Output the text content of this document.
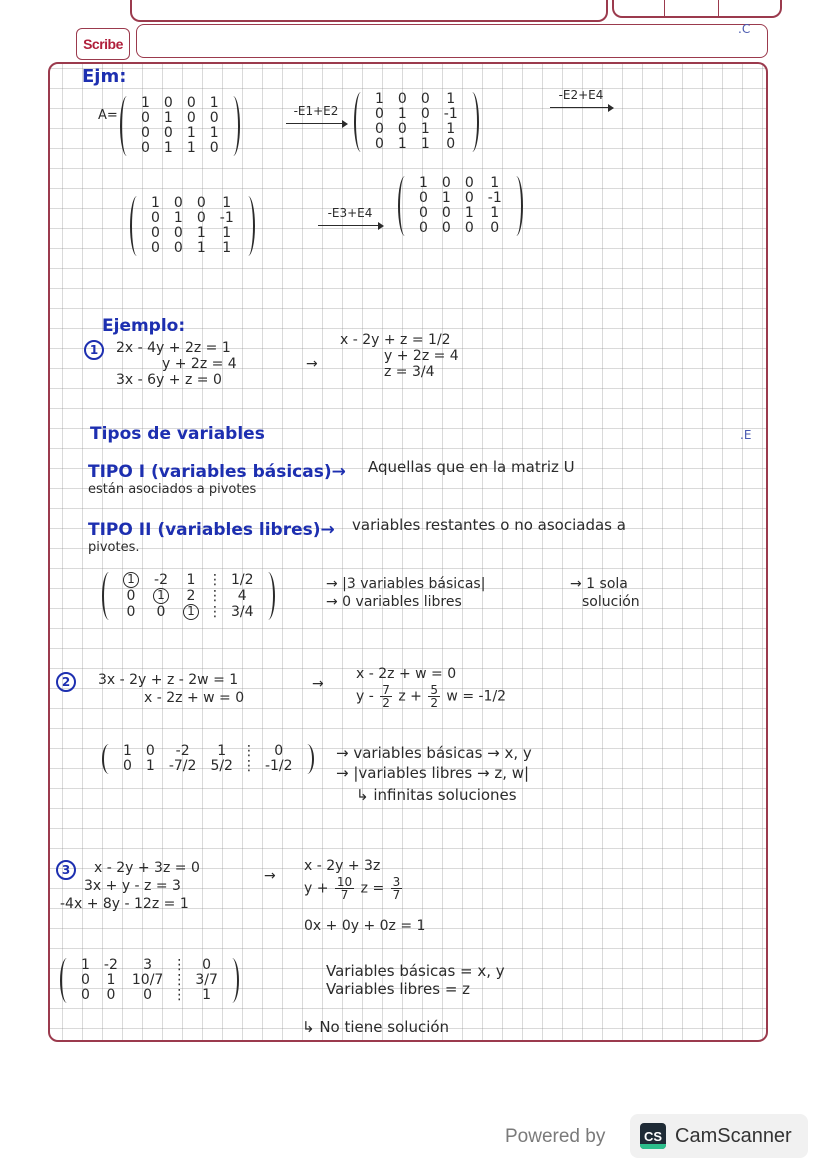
Scribe
.C
Ejm:
A=
1	0	0	1
0	1	0	0
0	0	1	1
0	1	1	0
-E1+E2
1	0	0	1
0	1	0	-1
0	0	1	1
0	1	1	0
-E2+E4
1	0	0	1
0	1	0	-1
0	0	1	1
0	0	1	1
-E3+E4
1	0	0	1
0	1	0	-1
0	0	1	1
0	0	0	0
Ejemplo:
1	2x - 4y + 2z = 1
y + 2z = 4
3x - 6y + z = 0
→
x - 2y + z = 1/2
y + 2z = 4
z = 3/4
Tipos de variables
TIPO I (variables básicas)→ Aquellas que en la matriz U
están asociados a pivotes
TIPO II (variables libres)→ variables restantes o no asociadas a
pivotes.
1	-2	1	⋮	1/2
0	1	2	⋮	4
0	0	1	⋮	3/4
→ |3 variables básicas|
→ 0 variables libres
→ 1 sola
solución
2	3x - 2y + z - 2w = 1
x - 2z + w = 0
→
x - 2z + w = 0
y - $\frac{7}{2}$ $z + \frac{5}{2}$ w = -1/2
1	0	-2	1	⋮	0
0	1	-7/2	5/2	⋮	-1/2
→ variables básicas → x, y
→ |variables libres → z, w|
↳ infinitas soluciones
3	x - 2y + 3z = 0
3x + y - z = 3
-4x + 8y - 12z = 1
→
x - 2y + 3z
$y + \frac{10}{7}$ $z = \frac{3}{7}$
0x + 0y + 0z = 1
1	-2	3	⋮	0
0	1	10/7	⋮	3/7
0	0	0	⋮	1
Variables básicas = x, y
Variables libres = z
↳ No tiene solución
.E
Powered by	CS CamScanner
